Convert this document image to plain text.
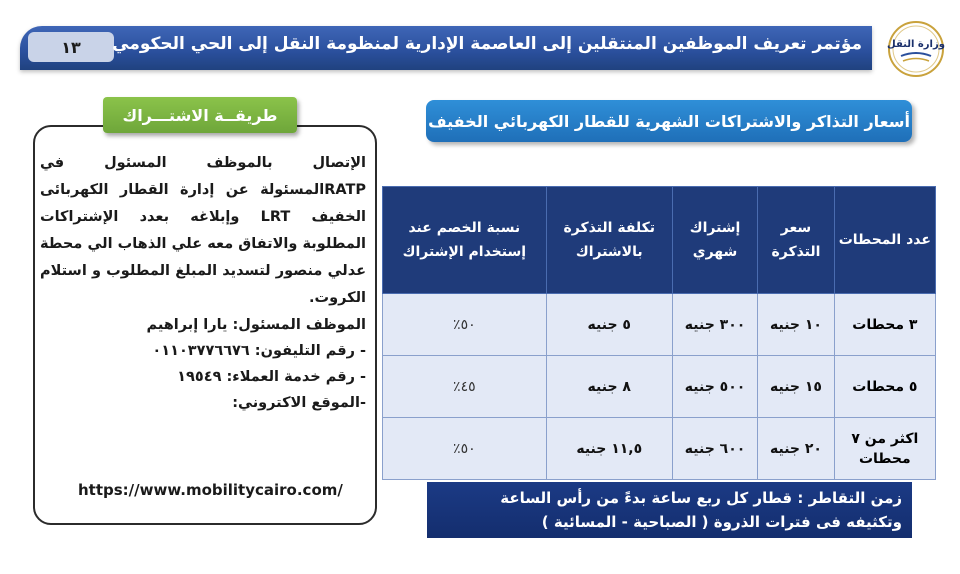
١٣	مؤتمر تعريف الموظفين المنتقلين إلى العاصمة الإدارية لمنظومة النقل إلى الحي الحكومي	وزارة النقل
طريقــة الاشتـــراك

الإتصال بالموظف المسئول في RATPالمسئولة عن إدارة القطار الكهربائى الخفيف LRT وإبلاغه بعدد الإشتراكات المطلوبة والاتفاق معه علي الذهاب الي محطة عدلي منصور لتسديد المبلغ المطلوب و استلام الكروت.

الموظف المسئول: يارا إبراهيم

- رقم التليفون: ٠١١٠٣٧٧٦٦٧٦

- رقم خدمة العملاء: ١٩٥٤٩

-الموقع الاكتروني:

https://www.mobilitycairo.com/
أسعار التذاكر والاشتراكات الشهرية للقطار الكهربائي الخفيف
عدد المحطات	سعر التذكرة	إشتراك شهري	تكلفة التذكرة بالاشتراك	نسبة الخصم عند إستخدام الإشتراك
٣ محطات	١٠ جنيه	٣٠٠ جنيه	٥ جنيه	٥٠٪
٥ محطات	١٥ جنيه	٥٠٠ جنيه	٨ جنيه	٤٥٪
اكثر من ٧ محطات	٢٠ جنيه	٦٠٠ جنيه	١١,٥ جنيه	٥٠٪
زمن التقاطر : قطار كل ربع ساعة بدءً من رأس الساعة
وتكثيفه فى فترات الذروة ( الصباحية - المسائية )
